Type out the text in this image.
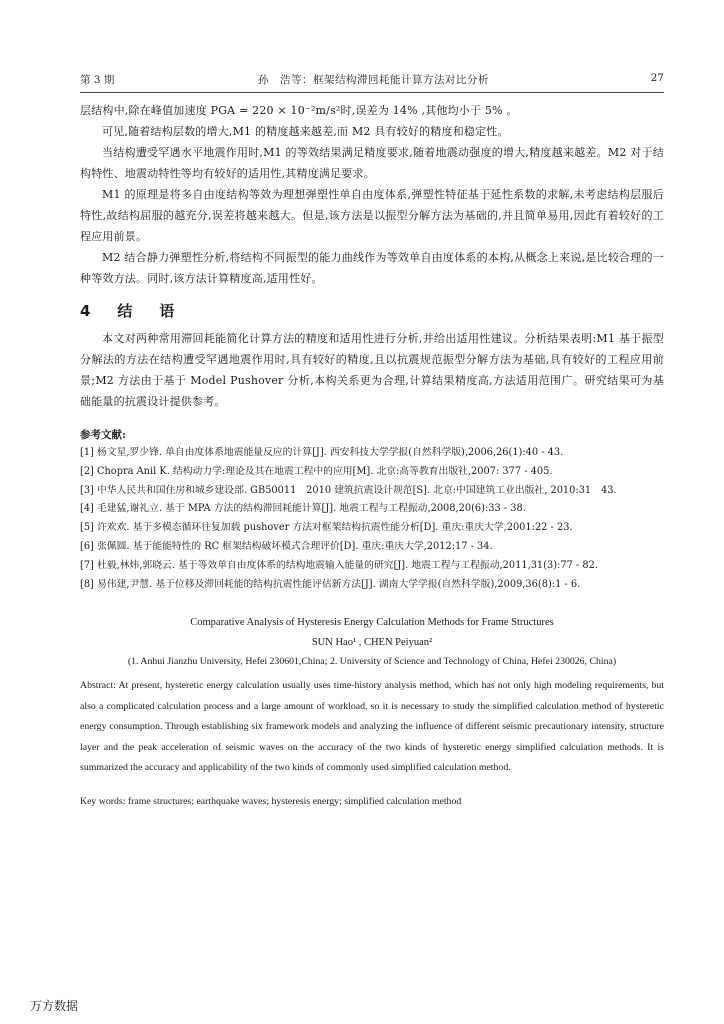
第 3 期	孙　浩等：框架结构滞回耗能计算方法对比分析	27

层结构中,除在峰值加速度 PGA = 220 × 10⁻²m/s²时,误差为 14% ,其他均小于 5% 。

可见,随着结构层数的增大,M1 的精度越来越差,而 M2 具有较好的精度和稳定性。

当结构遭受罕遇水平地震作用时,M1 的等效结果满足精度要求,随着地震动强度的增大,精度越来越差。M2 对于结构特性、地震动特性等均有较好的适用性,其精度满足要求。

M1 的原理是将多自由度结构等效为理想弹塑性单自由度体系,弹塑性特征基于延性系数的求解,未考虑结构层服后特性,故结构屈服的越充分,误差将越来越大。但是,该方法是以振型分解方法为基础的,并且简单易用,因此有着较好的工程应用前景。

M2 结合静力弹塑性分析,将结构不同振型的能力曲线作为等效单自由度体系的本构,从概念上来说,是比较合理的一种等效方法。同时,该方法计算精度高,适用性好。

4　结　语

本文对两种常用滞回耗能简化计算方法的精度和适用性进行分析,并给出适用性建议。分析结果表明:M1 基于振型分解法的方法在结构遭受罕遇地震作用时,具有较好的精度,且以抗震规范振型分解方法为基础,具有较好的工程应用前景;M2 方法由于基于 Model Pushover 分析,本构关系更为合理,计算结果精度高,方法适用范围广。研究结果可为基础能量的抗震设计提供参考。

参考文献:
[1] 杨文星,罗少锋. 单自由度体系地震能量反应的计算[J]. 西安科技大学学报(自然科学版),2006,26(1):40 - 43.
[2] Chopra Anil K. 结构动力学:理论及其在地震工程中的应用[M]. 北京:高等教育出版社,2007: 377 - 405.
[3] 中华人民共和国住房和城乡建设部. GB50011　2010 建筑抗震设计规范[S]. 北京:中国建筑工业出版社, 2010:31　43.
[4] 毛建猛,谢礼立. 基于 MPA 方法的结构滞回耗能计算[J]. 地震工程与工程振动,2008,20(6):33 - 38.
[5] 许欢欢. 基于多模态循环往复加载 pushover 方法对框架结构抗震性能分析[D]. 重庆:重庆大学,2001:22 - 23.
[6] 张佩圆. 基于能能特性的 RC 框架结构破坏模式合理评价[D]. 重庆:重庆大学,2012:17 - 34.
[7] 杜毅,林炜,郭晓云. 基于等效单自由度体系的结构地震输入能量的研究[J]. 地震工程与工程振动,2011,31(3):77 - 82.
[8] 易伟建,尹慧. 基于位移及滞回耗能的结构抗震性能评估新方法[J]. 湖南大学学报(自然科学版),2009,36(8):1 - 6.
Comparative Analysis of Hysteresis Energy Calculation Methods for Frame Structures
SUN Hao¹ , CHEN Peiyuan²
(1. Anhui Jianzhu University, Hefei 230601,China; 2. University of Science and Technology of China, Hefei 230026, China)

Abstract: At present, hysteretic energy calculation usually uses time-history analysis method, which has not only high modeling requirements, but also a complicated calculation process and a large amount of workload, so it is necessary to study the simplified calculation method of hysteretic energy consumption. Through establishing six framework models and analyzing the influence of different seismic precautionary intensity, structure layer and the peak acceleration of seismic waves on the accuracy of the two kinds of hysteretic energy simplified calculation methods. It is summarized the accuracy and applicability of the two kinds of commonly used simplified calculation method.

Key words: frame structures; earthquake waves; hysteresis energy; simplified calculation method
万方数据
